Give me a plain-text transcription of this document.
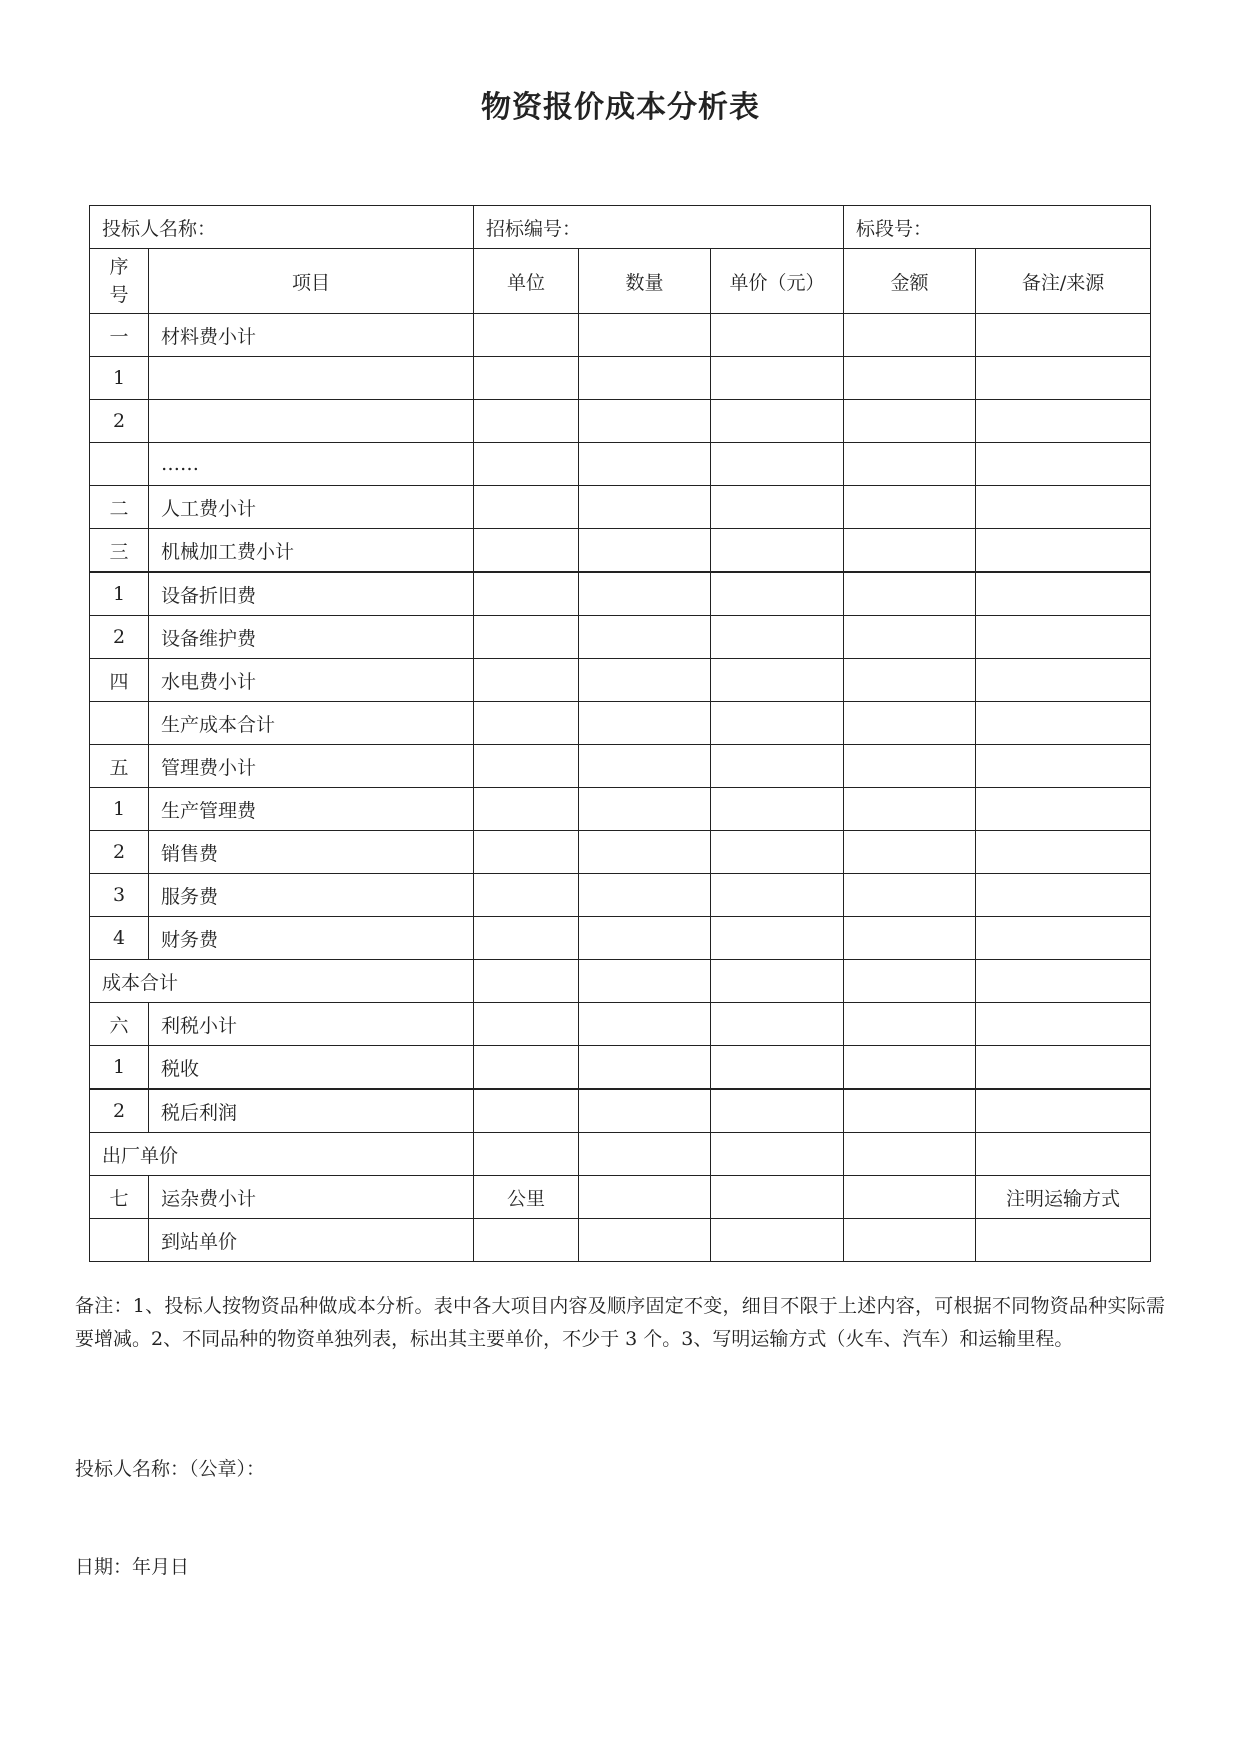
物资报价成本分析表
投标人名称：		招标编号：			标段号：	
序
号	项目	单位	数量	单价（元）	金额	备注/来源
一	材料费小计					
1						
2						
	……					
二	人工费小计					
三	机械加工费小计					
1	设备折旧费					
2	设备维护费					
四	水电费小计					
	生产成本合计					
五	管理费小计					
1	生产管理费					
2	销售费					
3	服务费					
4	财务费					
成本合计						
六	利税小计					
1	税收					
2	税后利润					
出厂单价						
七	运杂费小计	公里				注明运输方式
	到站单价					
备注：1、投标人按物资品种做成本分析。表中各大项目内容及顺序固定不变，细目不限于上述内容，可根据不同物资品种实际需要增减。2、不同品种的物资单独列表，标出其主要单价，不少于 3 个。3、写明运输方式（火车、汽车）和运输里程。
投标人名称：（公章）：
日期：年月日
